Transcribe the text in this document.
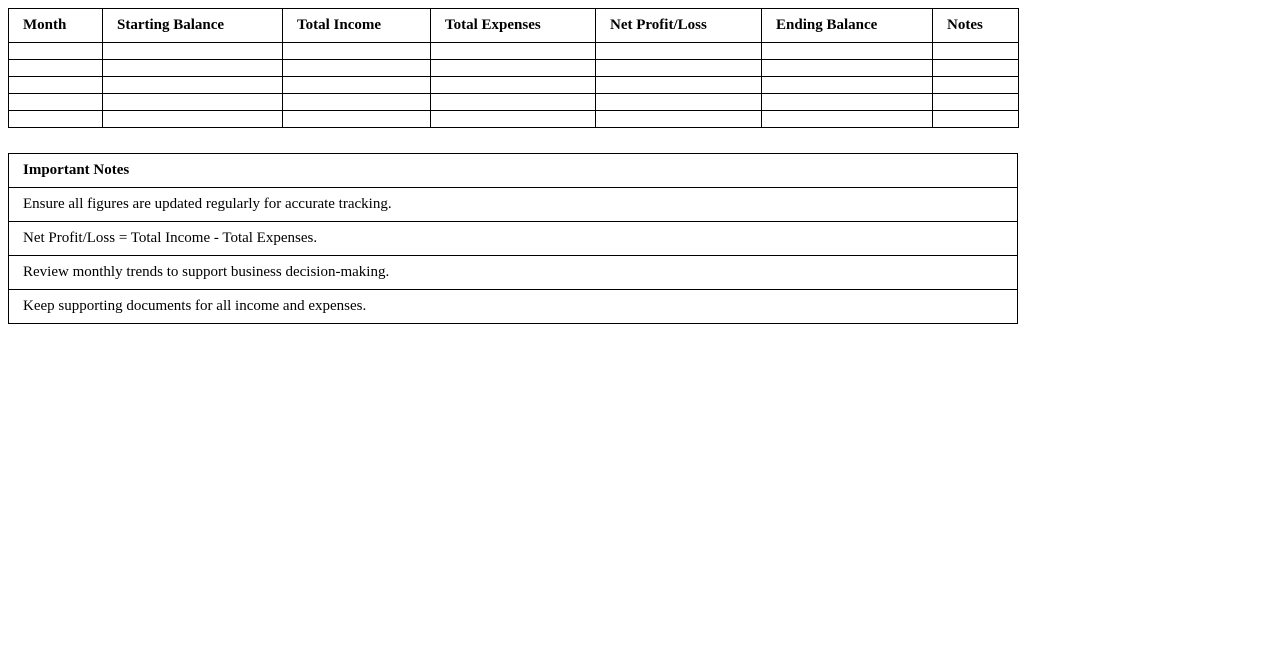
Month	Starting Balance	Total Income	Total Expenses	Net Profit/Loss	Ending Balance	Notes

Important Notes
Ensure all figures are updated regularly for accurate tracking.
Net Profit/Loss = Total Income - Total Expenses.
Review monthly trends to support business decision-making.
Keep supporting documents for all income and expenses.
